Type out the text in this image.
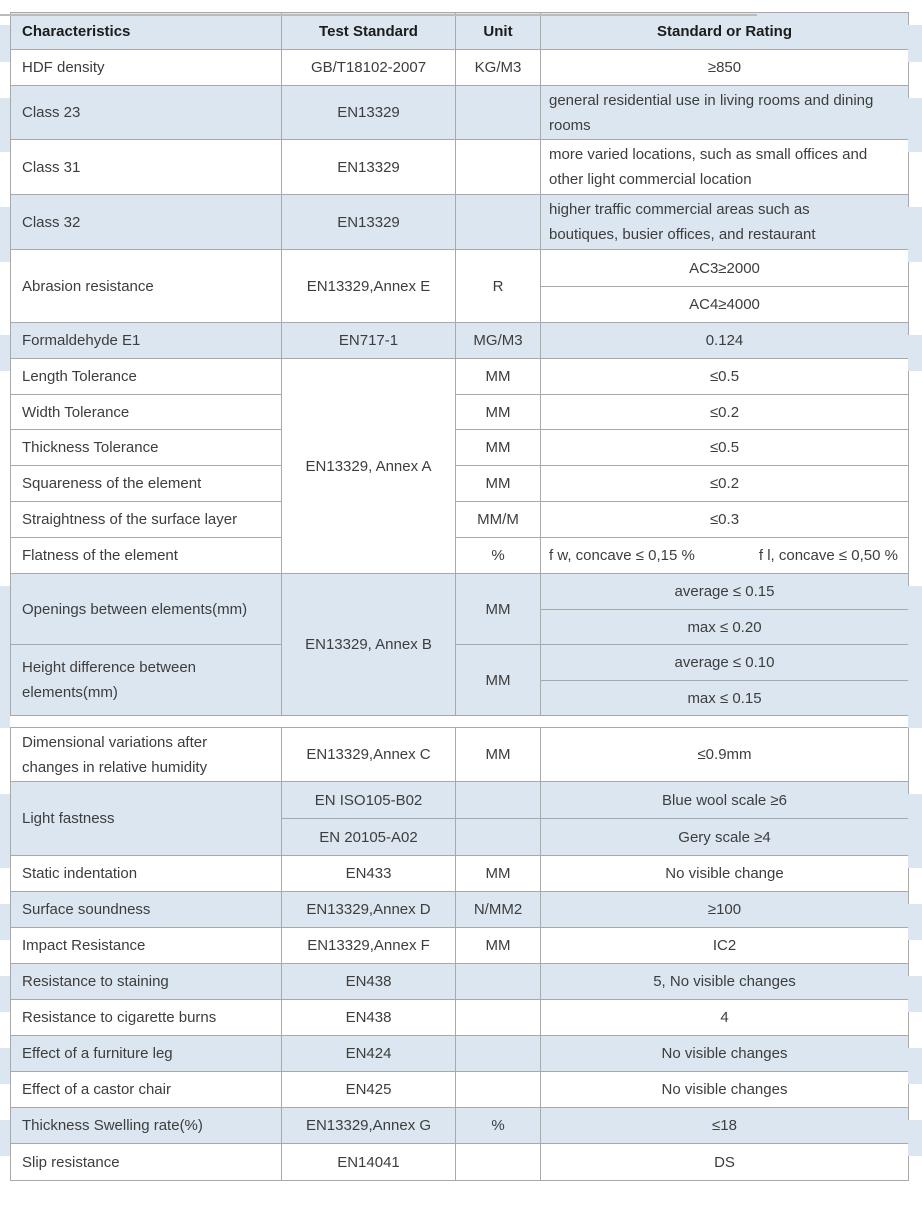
Characteristics	Test Standard	Unit	Standard or Rating
HDF density	GB/T18102-2007	KG/M3	≥850
Class 23	EN13329		general residential use in living rooms and dining rooms
Class 31	EN13329		more varied locations, such as small offices and other light commercial location
Class 32	EN13329		higher traffic commercial areas such as boutiques, busier offices, and restaurant
Abrasion resistance	EN13329,Annex E	R	AC3≥2000
			AC4≥4000
Formaldehyde E1	EN717-1	MG/M3	0.124
Length Tolerance	EN13329, Annex A	MM	≤0.5
Width Tolerance		MM	≤0.2
Thickness Tolerance		MM	≤0.5
Squareness of the element		MM	≤0.2
Straightness of the surface layer		MM/M	≤0.3
Flatness of the element		%	f w, concave ≤ 0,15 % f l, concave ≤ 0,50 %

Openings between elements(mm)	EN13329, Annex B	MM	average ≤ 0.15
			max ≤ 0.20
Height difference between elements(mm)		MM	average ≤ 0.10
			max ≤ 0.15
Dimensional variations after changes in relative humidity	EN13329,Annex C	MM	≤0.9mm
Light fastness	EN ISO105-B02		Blue wool scale ≥6
	EN 20105-A02		Gery scale ≥4
Static indentation	EN433	MM	No visible change
Surface soundness	EN13329,Annex D	N/MM2	≥100
Impact Resistance	EN13329,Annex F	MM	IC2
Resistance to staining	EN438		5, No visible changes
Resistance to cigarette burns	EN438		4
Effect of a furniture leg	EN424		No visible changes
Effect of a castor chair	EN425		No visible changes
Thickness Swelling rate(%)	EN13329,Annex G	%	≤18
Slip resistance	EN14041		DS
